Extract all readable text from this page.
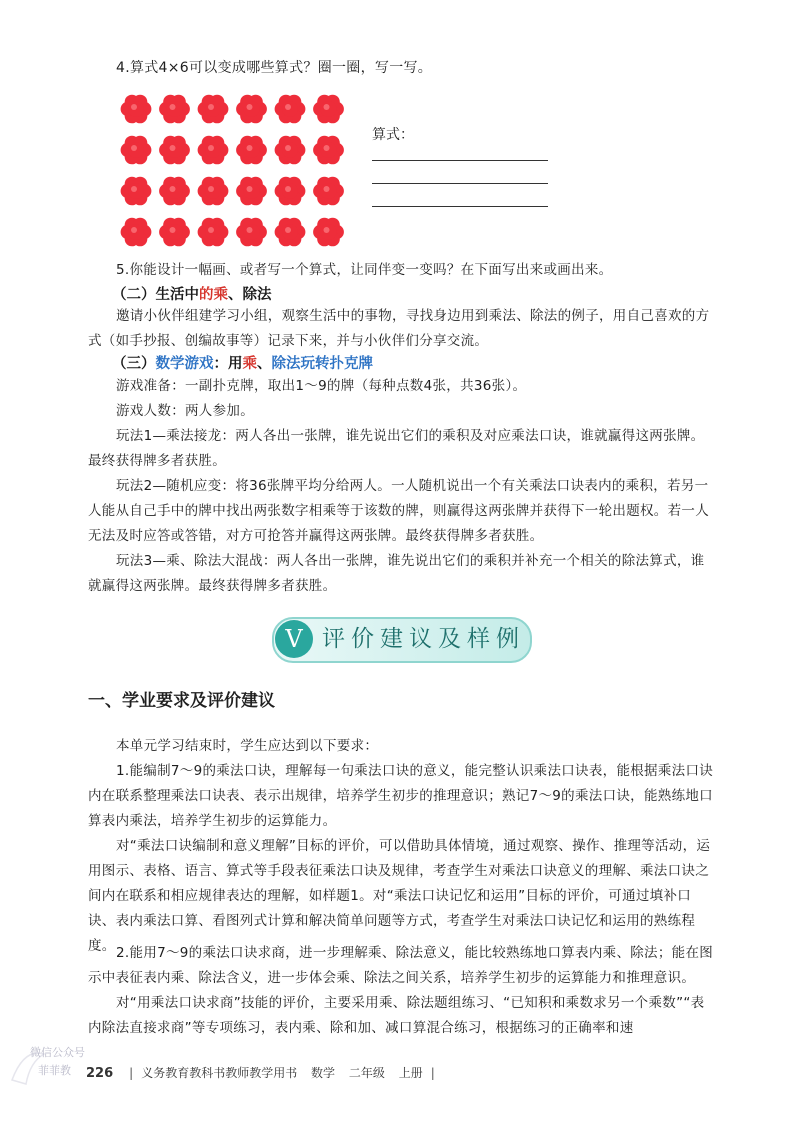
4.算式4×6可以变成哪些算式？圈一圈，写一写。
算式：
5.你能设计一幅画、或者写一个算式，让同伴变一变吗？在下面写出来或画出来。
（二）生活中的乘、除法
邀请小伙伴组建学习小组，观察生活中的事物，寻找身边用到乘法、除法的例子，用自己喜欢的方式（如手抄报、创编故事等）记录下来，并与小伙伴们分享交流。
（三）数学游戏：用乘、除法玩转扑克牌
游戏准备：一副扑克牌，取出1～9的牌（每种点数4张，共36张）。
游戏人数：两人参加。
玩法1—乘法接龙：两人各出一张牌，谁先说出它们的乘积及对应乘法口诀，谁就赢得这两张牌。最终获得牌多者获胜。
玩法2—随机应变：将36张牌平均分给两人。一人随机说出一个有关乘法口诀表内的乘积，若另一人能从自己手中的牌中找出两张数字相乘等于该数的牌，则赢得这两张牌并获得下一轮出题权。若一人无法及时应答或答错，对方可抢答并赢得这两张牌。最终获得牌多者获胜。
玩法3—乘、除法大混战：两人各出一张牌，谁先说出它们的乘积并补充一个相关的除法算式，谁就赢得这两张牌。最终获得牌多者获胜。
V 评价建议及样例
一、学业要求及评价建议
本单元学习结束时，学生应达到以下要求：
1.能编制7～9的乘法口诀，理解每一句乘法口诀的意义，能完整认识乘法口诀表，能根据乘法口诀内在联系整理乘法口诀表、表示出规律，培养学生初步的推理意识；熟记7～9的乘法口诀，能熟练地口算表内乘法，培养学生初步的运算能力。
对“乘法口诀编制和意义理解”目标的评价，可以借助具体情境，通过观察、操作、推理等活动，运用图示、表格、语言、算式等手段表征乘法口诀及规律，考查学生对乘法口诀意义的理解、乘法口诀之间内在联系和相应规律表达的理解，如样题1。对“乘法口诀记忆和运用”目标的评价，可通过填补口诀、表内乘法口算、看图列式计算和解决简单问题等方式，考查学生对乘法口诀记忆和运用的熟练程度。 2.能用7～9的乘法口诀求商，进一步理解乘、除法意义，能比较熟练地口算表内乘、除法；能在图示中表征表内乘、除法含义，进一步体会乘、除法之间关系，培养学生初步的运算能力和推理意识。
对“用乘法口诀求商”技能的评价，主要采用乘、除法题组练习、“已知积和乘数求另一个乘数”“表内除法直接求商”等专项练习，表内乘、除和加、减口算混合练习，根据练习的正确率和速
226 | 义务教育教科书教师教学用书 数学 二年级 上册 |
微信公众号
菲菲教
